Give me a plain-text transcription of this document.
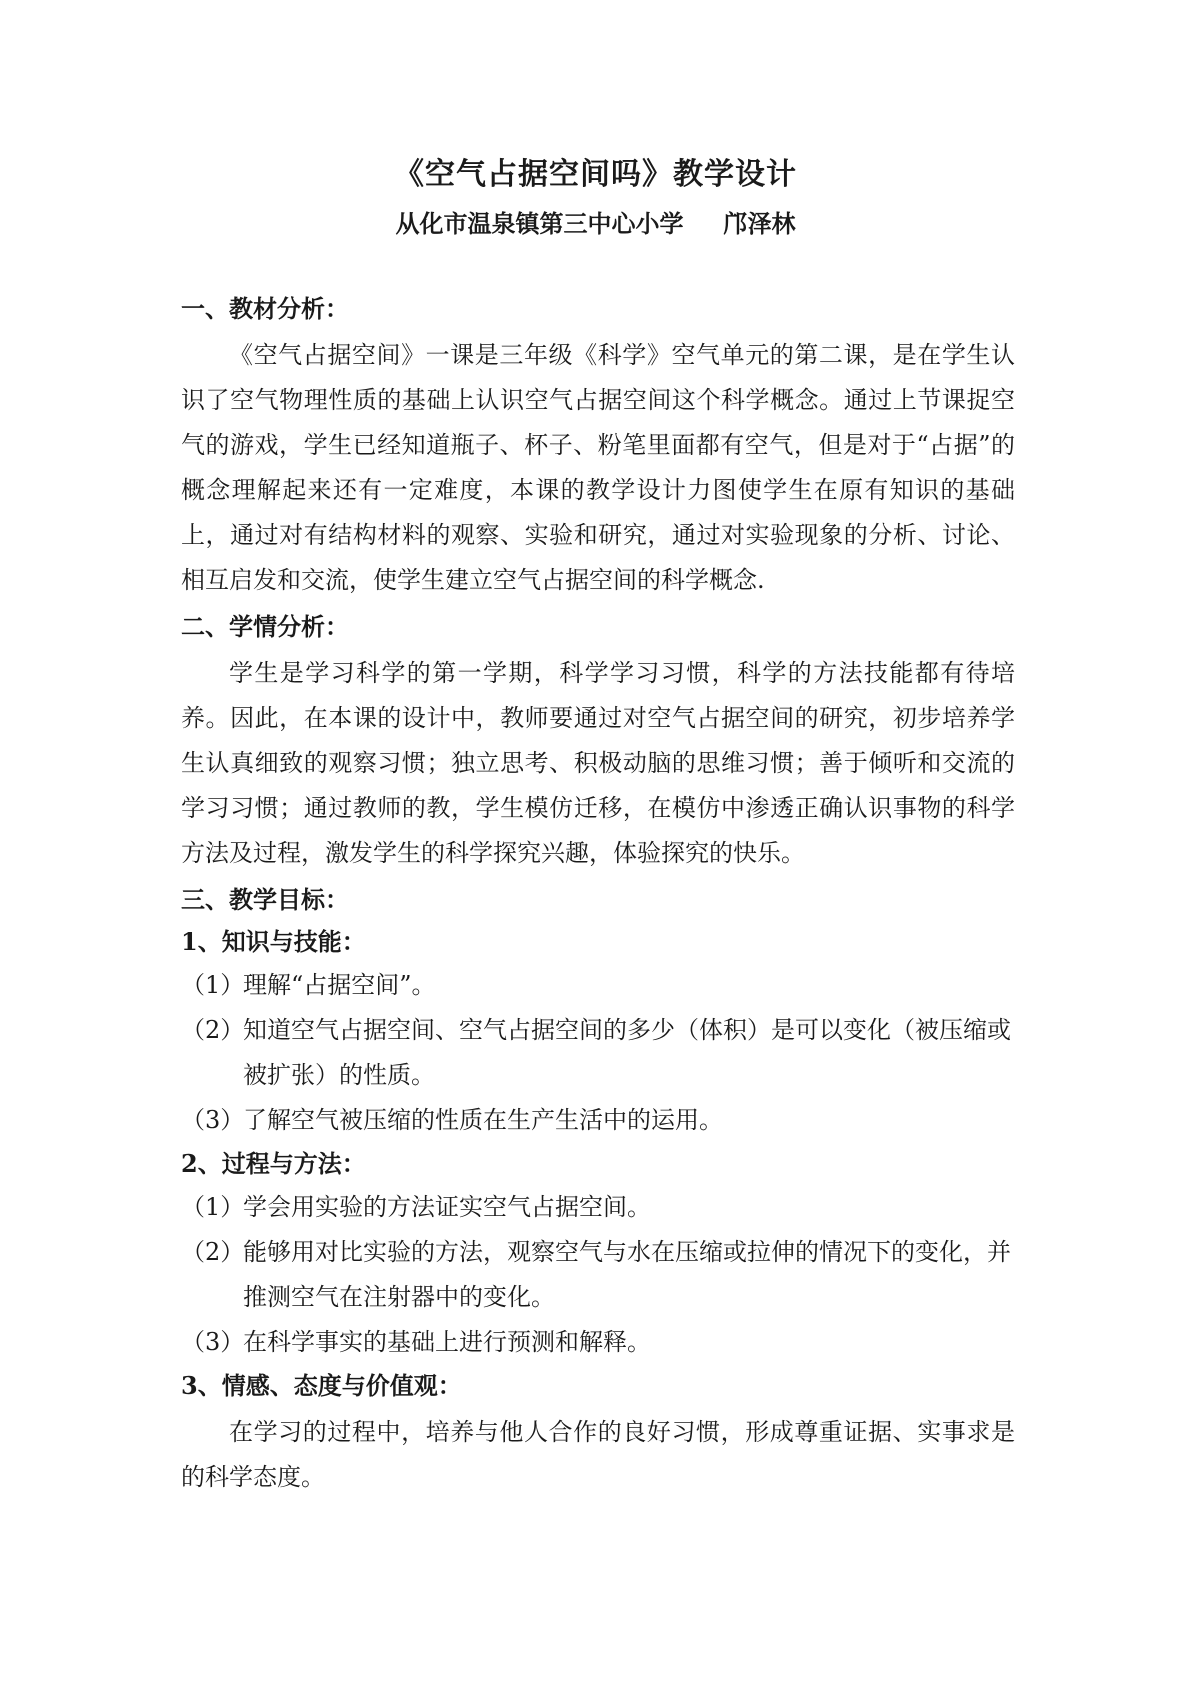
《空气占据空间吗》教学设计
从化市温泉镇第三中心小学 邝泽林
一、教材分析：
《空气占据空间》一课是三年级《科学》空气单元的第二课，是在学生认识了空气物理性质的基础上认识空气占据空间这个科学概念。通过上节课捉空气的游戏，学生已经知道瓶子、杯子、粉笔里面都有空气，但是对于“占据”的概念理解起来还有一定难度，本课的教学设计力图使学生在原有知识的基础上，通过对有结构材料的观察、实验和研究，通过对实验现象的分析、讨论、相互启发和交流，使学生建立空气占据空间的科学概念.
二、学情分析：
学生是学习科学的第一学期，科学学习习惯，科学的方法技能都有待培养。因此，在本课的设计中，教师要通过对空气占据空间的研究，初步培养学生认真细致的观察习惯；独立思考、积极动脑的思维习惯；善于倾听和交流的学习习惯；通过教师的教，学生模仿迁移，在模仿中渗透正确认识事物的科学方法及过程，激发学生的科学探究兴趣，体验探究的快乐。
三、教学目标：
1、知识与技能：
（1）理解“占据空间”。
（2）知道空气占据空间、空气占据空间的多少（体积）是可以变化（被压缩或被扩张）的性质。
（3）了解空气被压缩的性质在生产生活中的运用。
2、过程与方法：
（1）学会用实验的方法证实空气占据空间。
（2）能够用对比实验的方法，观察空气与水在压缩或拉伸的情况下的变化，并推测空气在注射器中的变化。
（3）在科学事实的基础上进行预测和解释。
3、情感、态度与价值观：
在学习的过程中，培养与他人合作的良好习惯，形成尊重证据、实事求是的科学态度。
